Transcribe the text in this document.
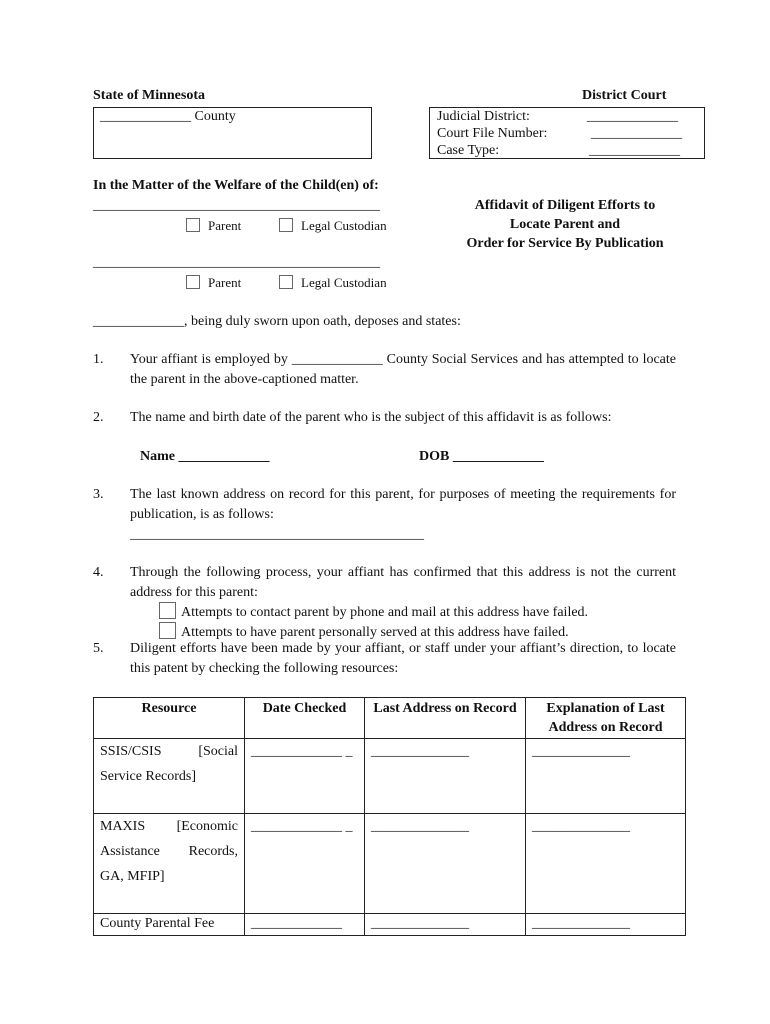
State of Minnesota	District Court
_____________ County	Judicial District:	_____________
Court File Number:	_____________
Case Type:	_____________
In the Matter of the Welfare of the Child(en) of:
_________________________________________
Parent	Legal Custodian
_________________________________________
Parent	Legal Custodian
Affidavit of Diligent Efforts to
Locate Parent and
Order for Service By Publication
_____________, being duly sworn upon oath, deposes and states:
1. Your affiant is employed by _____________ County Social Services and has attempted to locate the parent in the above-captioned matter.
2. The name and birth date of the parent who is the subject of this affidavit is as follows:
Name _____________	DOB _____________
3. The last known address on record for this parent, for purposes of meeting the requirements for publication, is as follows:
__________________________________________
4. Through the following process, your affiant has confirmed that this address is not the current address for this parent:
Attempts to contact parent by phone and mail at this address have failed.
Attempts to have parent personally served at this address have failed.
5. Diligent efforts have been made by your affiant, or staff under your affiant’s direction, to locate this patent by checking the following resources:
Resource	Date Checked	Last Address on Record	Explanation of Last Address on Record

SSIS/CSIS [Social Service Records]	_____________ _	______________	______________

MAXIS [Economic Assistance Records, GA, MFIP]	_____________ _	______________	______________

County Parental Fee	_____________	______________	______________
